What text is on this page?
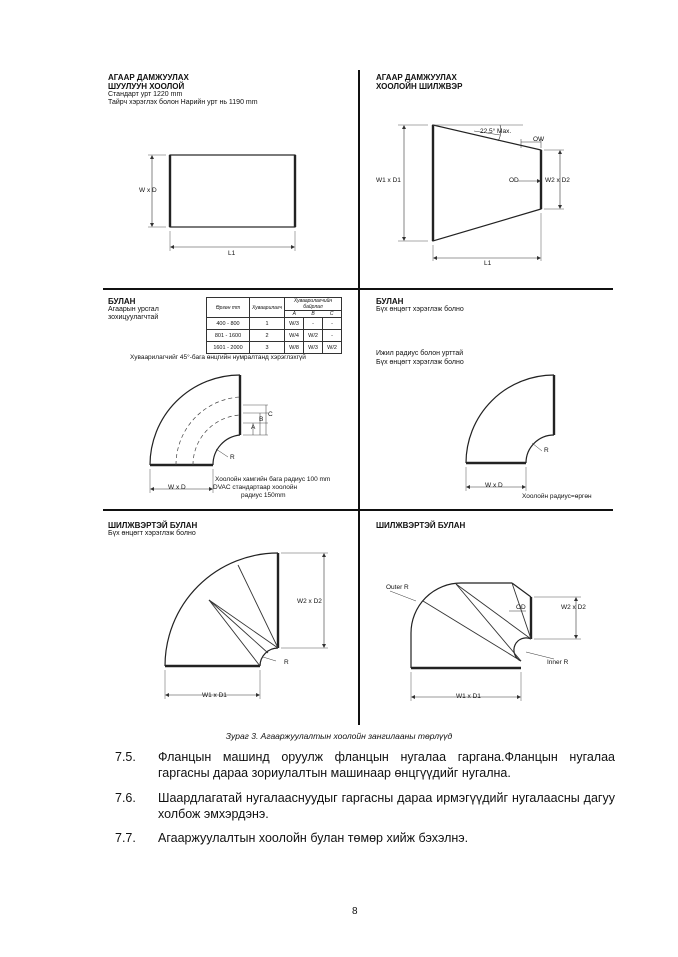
АГААР ДАМЖУУЛАХ
ШУУЛУУН ХООЛОЙ
Стандарт урт 1220 mm
Тайрч хэрэглэх болон Нарийн урт нь 1190 mm
W x D
L1
АГААР ДАМЖУУЛАХ
ХООЛОЙН ШИЛЖВЭР
22.5° Max.
OW
OD
W1 x D1	W2 x D2
L1
БУЛАН
Агаарын урсгал
зохицуулагчтай
Өргөн mm	Хуваарилагч	Хуваарилагчийн байрлал
A B C		

400 - 800	1	W/3	-	-
801 - 1600	2	W/4	W/2	-
1601 - 2000	3	W/8	W/3	W/2
Хуваарилагчийг 45°-бага өнцгийн нумралтанд хэрэглэхгүй
A
B
C
R
W x D
Хоолойн хамгийн бага радиус 100 mm
DVAC стандартаар хоолойн
радиус 150mm
БУЛАН
Бүх өнцөгт хэрэглэж болно
Ижил радиус болон урттай
Бүх өнцөгт хэрэглэж болно
R
W x D
Хоолойн радиус=өргөн
ШИЛЖВЭРТЭЙ БУЛАН
Бүх өнцөгт хэрэглэж болно
W2 x D2
R
W1 x D1
ШИЛЖВЭРТЭЙ БУЛАН
Outer R
OD	W2 x D2
Inner R
W1 x D1
Зураг 3. Агааржуулалтын хоолойн зангилааны төрлүүд
7.5. Фланцын машинд оруулж фланцын нугалаа гаргана.Фланцын нугалаа гаргасны дараа зориулалтын машинаар өнцгүүдийг нугална.
7.6. Шаардлагатай нугалааснуудыг гаргасны дараа ирмэгүүдийг нугалаасны дагуу холбож эмхэрдэнэ.
7.7. Агааржуулалтын хоолойн булан төмөр хийж бэхэлнэ.
8
